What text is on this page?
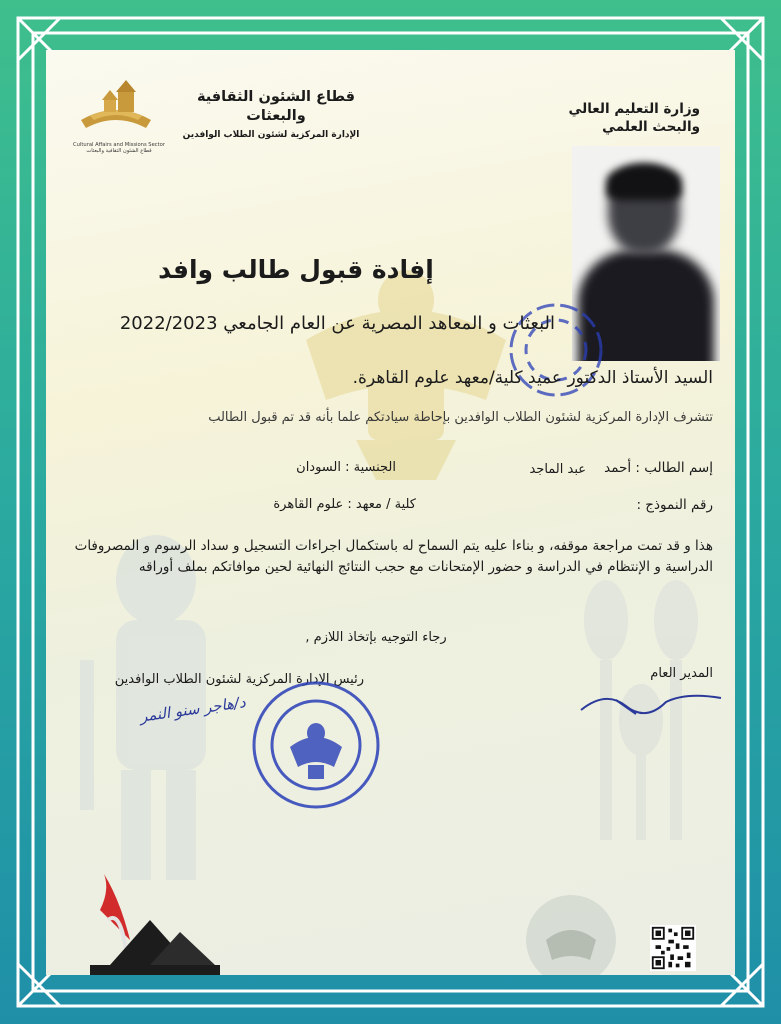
Cultural Affairs and Missions Sector
قطاع الشئون الثقافية والبعثات
قطاع الشئون الثقافية
والبعثات
الإدارة المركزية لشئون الطلاب الوافدين
وزارة التعليم العالي
والبحث العلمي
إفادة قبول طالب وافد
البعثات و المعاهد المصرية عن العام الجامعي 2022/2023
السيد الأستاذ الدكتور عميد كلية/معهد علوم القاهرة.
تتشرف الإدارة المركزية لشئون الطلاب الوافدين بإحاطة سيادتكم علما بأنه قد تم قبول الطالب
إسم الطالب : أحمد
عبد الماجد
الجنسية : السودان
رقم النموذج :
كلية / معهد : علوم القاهرة
هذا و قد تمت مراجعة موقفه، و بناءا عليه يتم السماح له باستكمال اجراءات التسجيل و سداد الرسوم و المصروفات الدراسية و الإنتظام في الدراسة و حضور الإمتحانات مع حجب النتائج النهائية لحين موافاتكم بملف أوراقه
رجاء التوجيه بإتخاذ اللازم ,
رئيس الإدارة المركزية لشئون الطلاب الوافدين	المدير العام
د/هاجر سنو النمر
